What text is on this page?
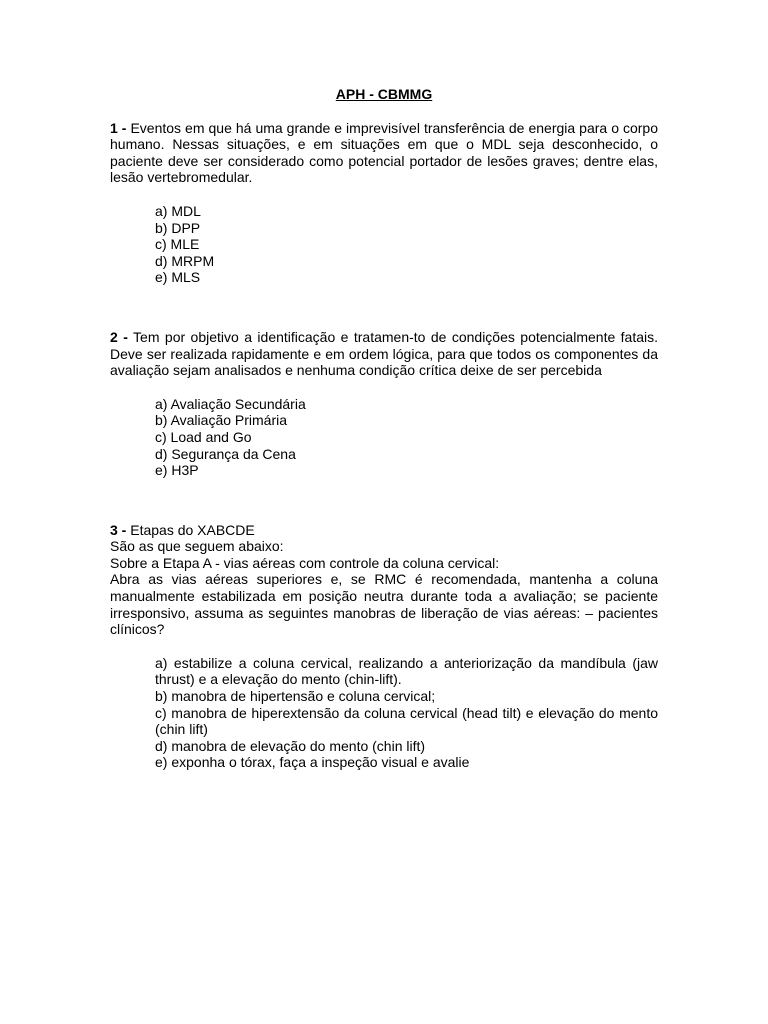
APH - CBMMG

1 - Eventos em que há uma grande e imprevisível transferência de energia para o corpo humano. Nessas situações, e em situações em que o MDL seja desconhecido, o paciente deve ser considerado como potencial portador de lesões graves; dentre elas, lesão vertebromedular.

a) MDL
b) DPP
c) MLE
d) MRPM
e) MLS

2 - Tem por objetivo a identificação e tratamen-to de condições potencialmente fatais. Deve ser realizada rapidamente e em ordem lógica, para que todos os componentes da avaliação sejam analisados e nenhuma condição crítica deixe de ser percebida

a) Avaliação Secundária
b) Avaliação Primária
c) Load and Go
d) Segurança da Cena
e) H3P

3 - Etapas do XABCDE

São as que seguem abaixo:

Sobre a Etapa A - vias aéreas com controle da coluna cervical:

Abra as vias aéreas superiores e, se RMC é recomendada, mantenha a coluna manualmente estabilizada em posição neutra durante toda a avaliação; se paciente irresponsivo, assuma as seguintes manobras de liberação de vias aéreas: – pacientes clínicos?

a) estabilize a coluna cervical, realizando a anteriorização da mandíbula (jaw thrust) e a elevação do mento (chin-lift).
b) manobra de hipertensão e coluna cervical;
c) manobra de hiperextensão da coluna cervical (head tilt) e elevação do mento (chin lift)
d) manobra de elevação do mento (chin lift)
e) exponha o tórax, faça a inspeção visual e avalie
